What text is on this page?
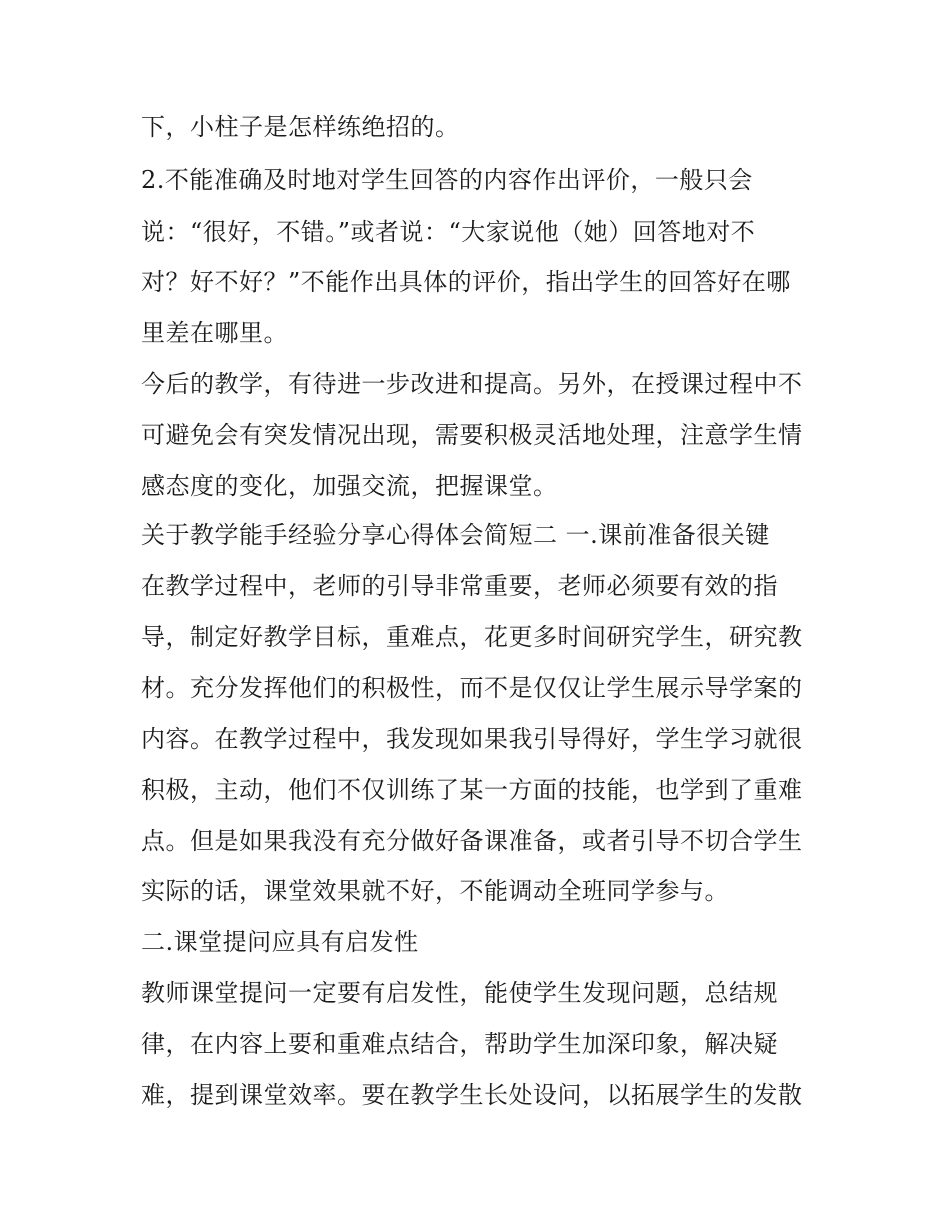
下，小柱子是怎样练绝招的。
2.不能准确及时地对学生回答的内容作出评价，一般只会
说：“很好，不错。”或者说：“大家说他（她）回答地对不
对？好不好？”不能作出具体的评价，指出学生的回答好在哪
里差在哪里。
今后的教学，有待进一步改进和提高。另外，在授课过程中不
可避免会有突发情况出现，需要积极灵活地处理，注意学生情
感态度的变化，加强交流，把握课堂。
关于教学能手经验分享心得体会简短二 一.课前准备很关键
在教学过程中，老师的引导非常重要，老师必须要有效的指
导，制定好教学目标，重难点，花更多时间研究学生，研究教
材。充分发挥他们的积极性，而不是仅仅让学生展示导学案的
内容。在教学过程中，我发现如果我引导得好，学生学习就很
积极，主动，他们不仅训练了某一方面的技能，也学到了重难
点。但是如果我没有充分做好备课准备，或者引导不切合学生
实际的话，课堂效果就不好，不能调动全班同学参与。
二.课堂提问应具有启发性
教师课堂提问一定要有启发性，能使学生发现问题，总结规
律，在内容上要和重难点结合，帮助学生加深印象，解决疑
难，提到课堂效率。要在教学生长处设问，以拓展学生的发散
